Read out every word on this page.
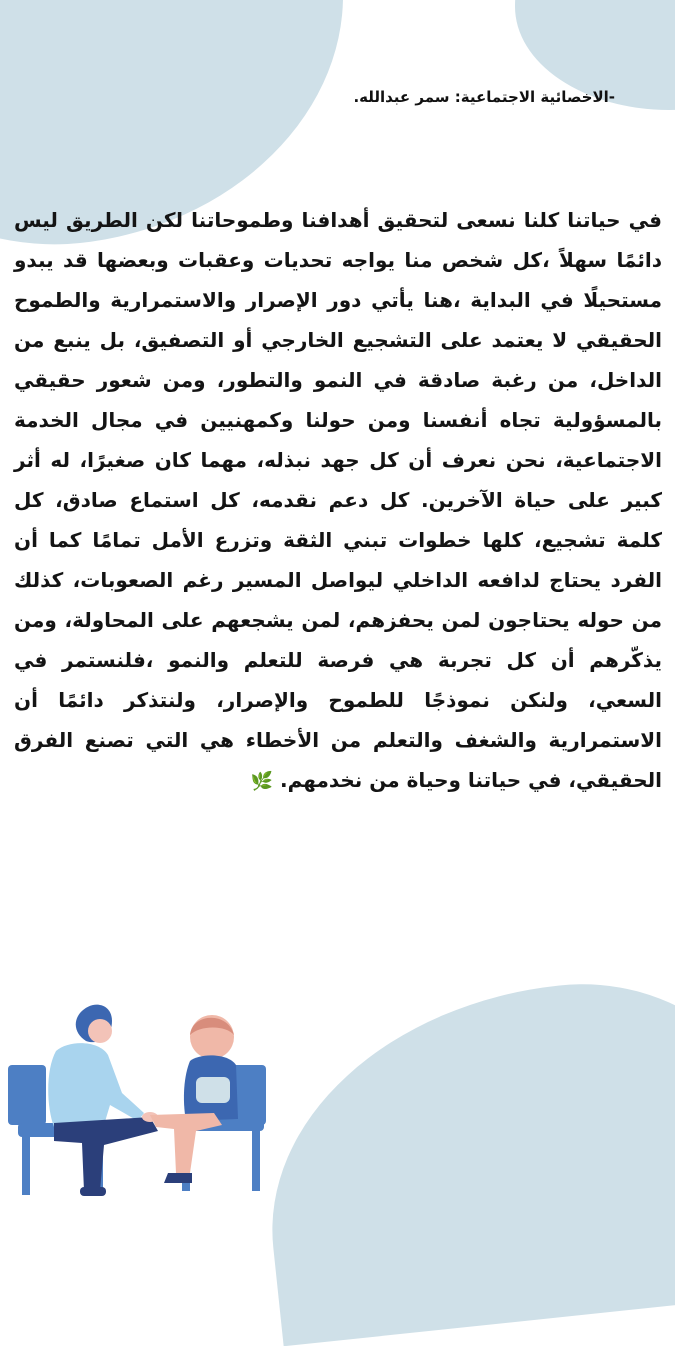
-الاخصائية الاجتماعية: سمر عبدالله.

في حياتنا كلنا نسعى لتحقيق أهدافنا وطموحاتنا لكن الطريق ليس دائمًا سهلاً ،كل شخص منا يواجه تحديات وعقبات وبعضها قد يبدو مستحيلًا في البداية ،هنا يأتي دور الإصرار والاستمرارية والطموح الحقيقي لا يعتمد على التشجيع الخارجي أو التصفيق، بل ينبع من الداخل، من رغبة صادقة في النمو والتطور، ومن شعور حقيقي بالمسؤولية تجاه أنفسنا ومن حولنا وكمهنيين في مجال الخدمة الاجتماعية، نحن نعرف أن كل جهد نبذله، مهما كان صغيرًا، له أثر كبير على حياة الآخرين. كل دعم نقدمه، كل استماع صادق، كل كلمة تشجيع، كلها خطوات تبني الثقة وتزرع الأمل تمامًا كما أن الفرد يحتاج لدافعه الداخلي ليواصل المسير رغم الصعوبات، كذلك من حوله يحتاجون لمن يحفزهم، لمن يشجعهم على المحاولة، ومن يذكّرهم أن كل تجربة هي فرصة للتعلم والنمو ،فلنستمر في السعي، ولنكن نموذجًا للطموح والإصرار، ولنتذكر دائمًا أن الاستمرارية والشغف والتعلم من الأخطاء هي التي تصنع الفرق الحقيقي، في حياتنا وحياة من نخدمهم. 🌿
